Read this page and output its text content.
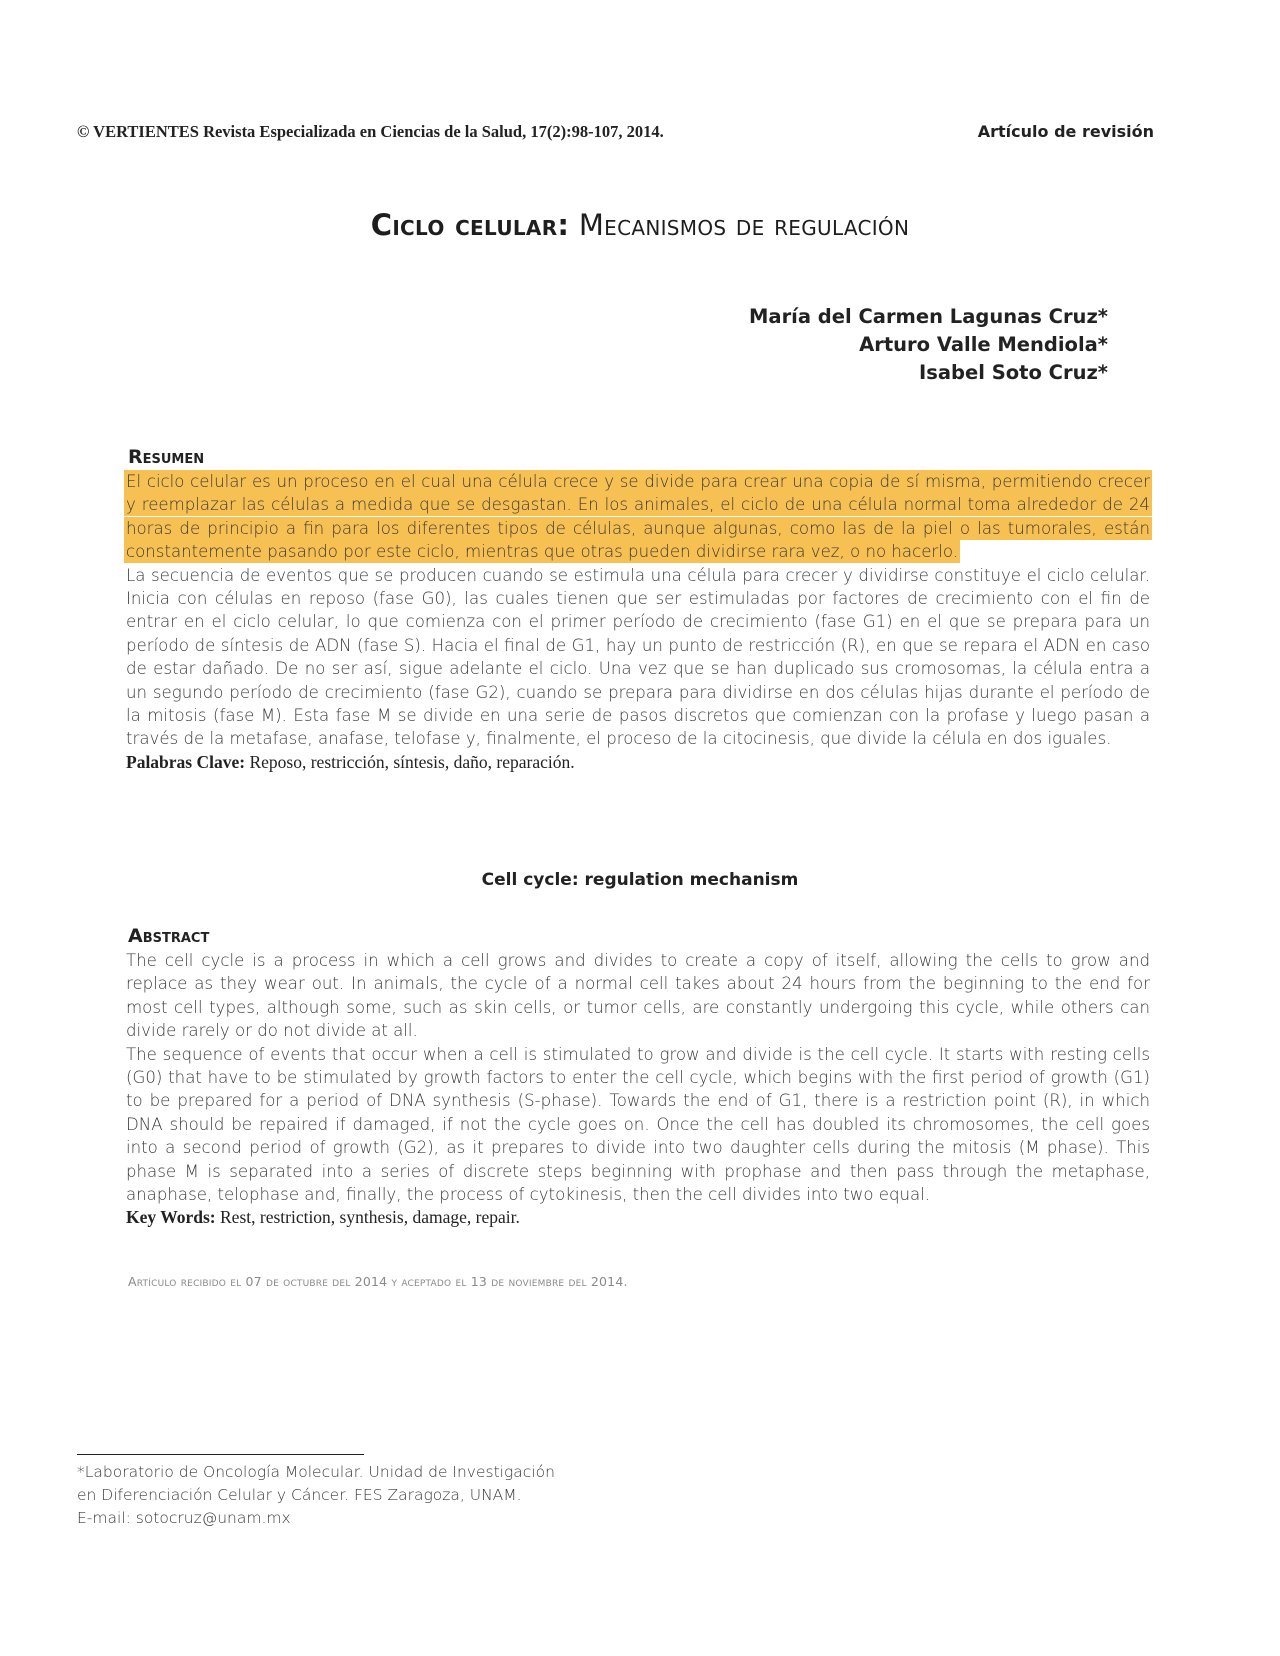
© VERTIENTES Revista Especializada en Ciencias de la Salud, 17(2):98-107, 2014.	Artículo de revisión
Ciclo celular: Mecanismos de regulación
María del Carmen Lagunas Cruz*
Arturo Valle Mendiola*
Isabel Soto Cruz*
Resumen

El ciclo celular es un proceso en el cual una célula crece y se divide para crear una copia de sí misma, permitiendo crecer y reemplazar las células a medida que se desgastan. En los animales, el ciclo de una célula normal toma alrededor de 24 horas de principio a fin para los diferentes tipos de células, aunque algunas, como las de la piel o las tumorales, están constantemente pasando por este ciclo, mientras que otras pueden dividirse rara vez, o no hacerlo.

La secuencia de eventos que se producen cuando se estimula una célula para crecer y dividirse constituye el ciclo celular. Inicia con células en reposo (fase G0), las cuales tienen que ser estimuladas por factores de crecimiento con el fin de entrar en el ciclo celular, lo que comienza con el primer período de crecimiento (fase G1) en el que se prepara para un período de síntesis de ADN (fase S). Hacia el final de G1, hay un punto de restricción (R), en que se repara el ADN en caso de estar dañado. De no ser así, sigue adelante el ciclo. Una vez que se han duplicado sus cromosomas, la célula entra a un segundo período de crecimiento (fase G2), cuando se prepara para dividirse en dos células hijas durante el período de la mitosis (fase M). Esta fase M se divide en una serie de pasos discretos que comienzan con la profase y luego pasan a través de la metafase, anafase, telofase y, finalmente, el proceso de la citocinesis, que divide la célula en dos iguales.

Palabras Clave: Reposo, restricción, síntesis, daño, reparación.
Cell cycle: regulation mechanism
Abstract

The cell cycle is a process in which a cell grows and divides to create a copy of itself, allowing the cells to grow and replace as they wear out. In animals, the cycle of a normal cell takes about 24 hours from the beginning to the end for most cell types, although some, such as skin cells, or tumor cells, are constantly undergoing this cycle, while others can divide rarely or do not divide at all.

The sequence of events that occur when a cell is stimulated to grow and divide is the cell cycle. It starts with resting cells (G0) that have to be stimulated by growth factors to enter the cell cycle, which begins with the first period of growth (G1) to be prepared for a period of DNA synthesis (S-phase). Towards the end of G1, there is a restriction point (R), in which DNA should be repaired if damaged, if not the cycle goes on. Once the cell has doubled its chromosomes, the cell goes into a second period of growth (G2), as it prepares to divide into two daughter cells during the mitosis (M phase). This phase M is separated into a series of discrete steps beginning with prophase and then pass through the metaphase, anaphase, telophase and, finally, the process of cytokinesis, then the cell divides into two equal.

Key Words: Rest, restriction, synthesis, damage, repair.
Artículo recibido el 07 de octubre del 2014 y aceptado el 13 de noviembre del 2014.
*Laboratorio de Oncología Molecular. Unidad de Investigación
en Diferenciación Celular y Cáncer. FES Zaragoza, UNAM.
E-mail: sotocruz@unam.mx
